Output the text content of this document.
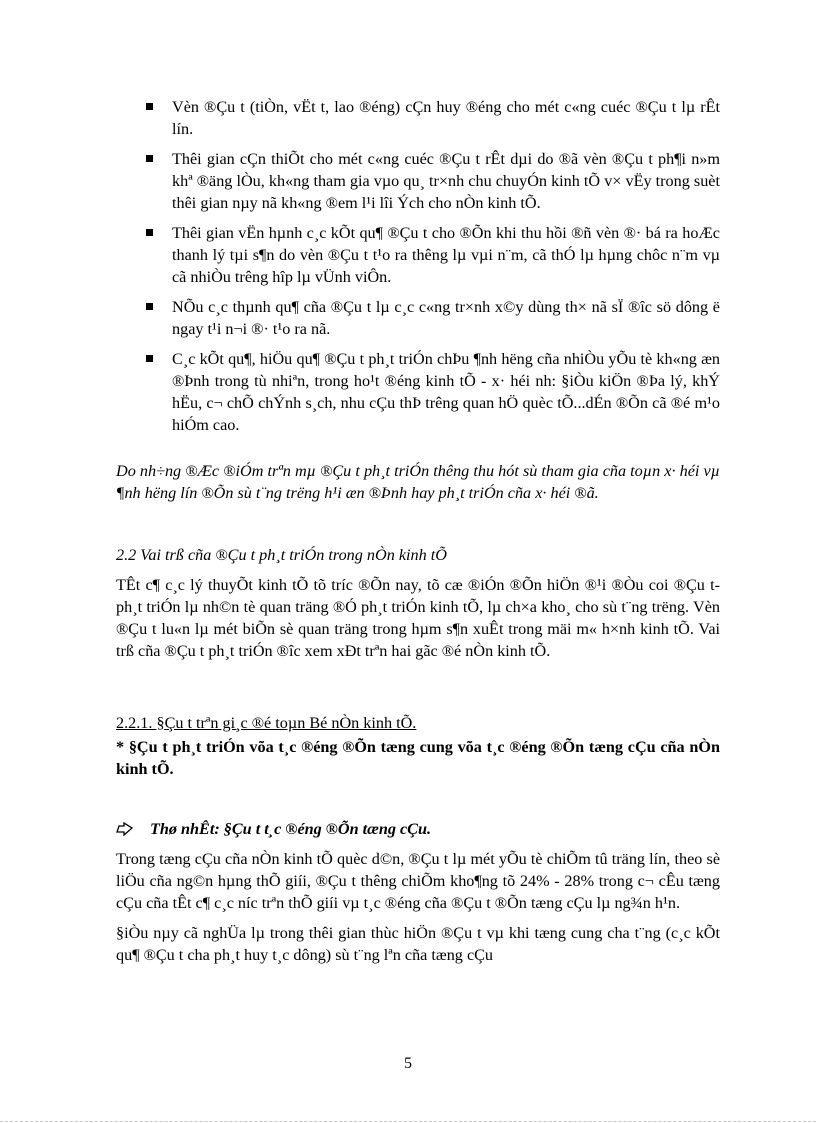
Vèn ®Çu t (tiÒn, vËt t, lao ®éng) cÇn huy ®éng cho mét c«ng cuéc ®Çu t lµ rÊt lín.
Thêi gian cÇn thiÕt cho mét c«ng cuéc ®Çu t rÊt dµi do ®ã vèn ®Çu t ph¶i n»m khª ®äng lÒu, kh«ng tham gia vµo qu¸ tr×nh chu chuyÓn kinh tÕ v× vËy trong suèt thêi gian nµy nã kh«ng ®em l¹i lîi Ých cho nÒn kinh tÕ.
Thêi gian vËn hµnh c¸c kÕt qu¶ ®Çu t cho ®Õn khi thu hồi ®ñ vèn ®· bá ra hoÆc thanh lý tµi s¶n do vèn ®Çu t t¹o ra thêng lµ vµi n¨m, cã thÓ lµ hµng chôc n¨m vµ cã nhiÒu trêng hîp lµ vÜnh viÔn.
NÕu c¸c thµnh qu¶ cña ®Çu t lµ c¸c c«ng tr×nh x©y dùng th× nã sÏ ®îc sö dông ë ngay t¹i n¬i ®· t¹o ra nã.
C¸c kÕt qu¶, hiÖu qu¶ ®Çu t ph¸t triÓn chÞu ¶nh hëng cña nhiÒu yÕu tè kh«ng æn ®Þnh trong tù nhiªn, trong ho¹t ®éng kinh tÕ - x· héi nh: §iÒu kiÖn ®Þa lý, khÝ hËu, c¬ chÕ chÝnh s¸ch, nhu cÇu thÞ trêng quan hÖ quèc tÕ...dÉn ®Õn cã ®é m¹o hiÓm cao.

Do nh÷ng ®Æc ®iÓm trªn mµ ®Çu t ph¸t triÓn thêng thu hót sù tham gia cña toµn x· héi vµ ¶nh hëng lín ®Õn sù t¨ng trëng h¹i æn ®Þnh hay ph¸t triÓn cña x· héi ®ã.

2.2 Vai trß cña ®Çu t ph¸t triÓn trong nÒn kinh tÕ

TÊt c¶ c¸c lý thuyÕt kinh tÕ tõ tríc ®Õn nay, tõ cæ ®iÓn ®Õn hiÖn ®¹i ®Òu coi ®Çu t ph¸t triÓn lµ nh©n tè quan träng ®Ó ph¸t triÓn kinh tÕ, lµ ch×a kho¸ cho sù t¨ng trëng. Vèn ®Çu t lu«n lµ mét biÕn sè quan träng trong hµm s¶n xuÊt trong mäi m« h×nh kinh tÕ. Vai trß cña ®Çu t ph¸t triÓn ®îc xem xÐt trªn hai gãc ®é nÒn kinh tÕ.

2.2.1. §Çu t trªn gi¸c ®é toµn Bé nÒn kinh tÕ.

* §Çu t ph¸t triÓn võa t¸c ®éng ®Õn tæng cung võa t¸c ®éng ®Õn tæng cÇu cña nÒn kinh tÕ.

Thø nhÊt: §Çu t t¸c ®éng ®Õn tæng cÇu.

Trong tæng cÇu cña nÒn kinh tÕ quèc d©n, ®Çu t lµ mét yÕu tè chiÕm tû träng lín, theo sè liÖu cña ng©n hµng thÕ giíi, ®Çu t thêng chiÕm kho¶ng tõ 24% - 28% trong c¬ cÊu tæng cÇu cña tÊt c¶ c¸c níc trªn thÕ giíi vµ t¸c ®éng cña ®Çu t ®Õn tæng cÇu lµ ng¾n h¹n.

§iÒu nµy cã nghÜa lµ trong thêi gian thùc hiÖn ®Çu t vµ khi tæng cung cha t¨ng (c¸c kÕt qu¶ ®Çu t cha ph¸t huy t¸c dông) sù t¨ng lªn cña tæng cÇu

5
